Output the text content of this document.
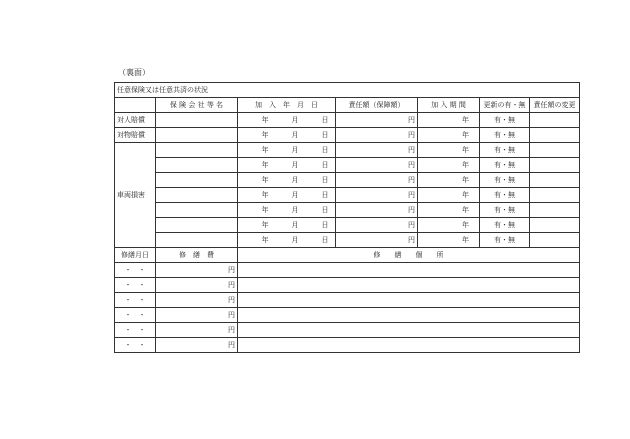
（裏面）
任意保険又は任意共済の状況						
	保 険 会 社 等 名	加　入　年　月　日	責任額（保障額）	加 入 期 間	更新の有・無	責任額の変更
対人賠償		年 月 日	円	年	有・無	
対物賠償		年 月 日	円	年	有・無	
車両損害		年 月 日	円	年	有・無	
		年 月 日	円	年	有・無	
		年 月 日	円	年	有・無	
		年 月 日	円	年	有・無	
		年 月 日	円	年	有・無	
		年 月 日	円	年	有・無	
		年 月 日	円	年	有・無	
修繕月日	修　繕　費	修　　繕　　個　　所				
・　・	円					
・　・	円					
・　・	円					
・　・	円					
・　・	円					
・　・	円					
